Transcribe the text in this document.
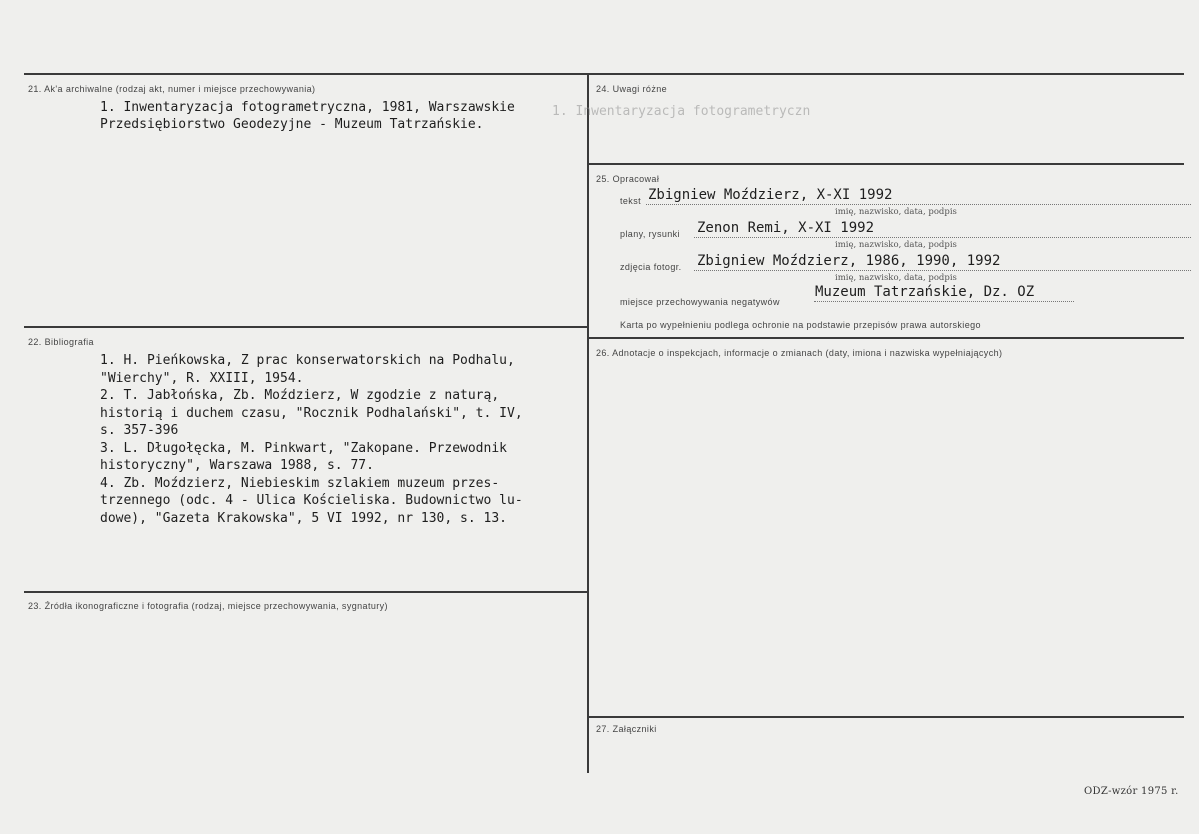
21. Ak'a archiwalne (rodzaj akt, numer i miejsce przechowywania)
1. Inwentaryzacja fotogrametryczna, 1981, Warszawskie
Przedsiębiorstwo Geodezyjne - Muzeum Tatrzańskie.
22. Bibliografia
1. H. Pieńkowska, Z prac konserwatorskich na Podhalu,
"Wierchy", R. XXIII, 1954.
2. T. Jabłońska, Zb. Moździerz, W zgodzie z naturą,
historią i duchem czasu, "Rocznik Podhalański", t. IV,
s. 357-396
3. L. Długołęcka, M. Pinkwart, "Zakopane. Przewodnik
historyczny", Warszawa 1988, s. 77.
4. Zb. Moździerz, Niebieskim szlakiem muzeum przes-
trzennego (odc. 4 - Ulica Kościeliska. Budownictwo lu-
dowe), "Gazeta Krakowska", 5 VI 1992, nr 130, s. 13.
23. Źródła ikonograficzne i fotografia (rodzaj, miejsce przechowywania, sygnatury)
24. Uwagi różne
1. Inwentaryzacja fotogrametryczn
25. Opracował
tekst Zbigniew Moździerz, X-XI 1992
imię, nazwisko, data, podpis
plany, rysunki Zenon Remi, X-XI 1992
imię, nazwisko, data, podpis
zdjęcia fotogr. Zbigniew Moździerz, 1986, 1990, 1992
imię, nazwisko, data, podpis
miejsce przechowywania negatywów
Muzeum Tatrzańskie, Dz. OZ
Karta po wypełnieniu podlega ochronie na podstawie przepisów prawa autorskiego
26. Adnotacje o inspekcjach, informacje o zmianach (daty, imiona i nazwiska wypełniających)
27. Załączniki
ODZ-wzór 1975 r.
